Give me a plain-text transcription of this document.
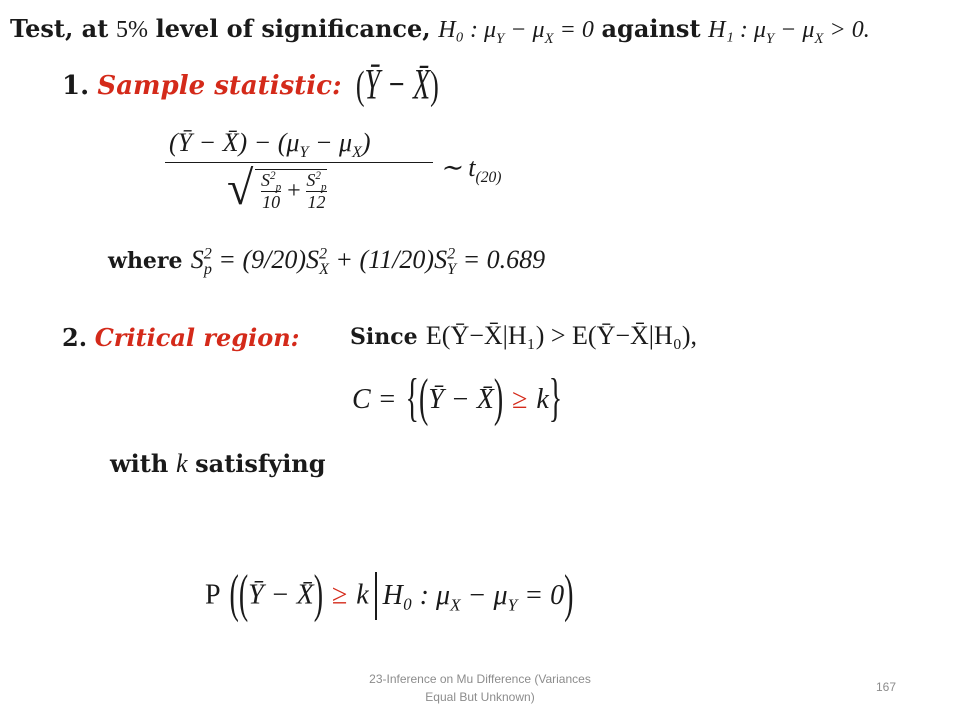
Test, at 5% level of significance, H₀ : $\mu_Y - \mu_X = 0$ against H₁ : $\mu_Y - \mu_X > 0$.
1. Sample statistic: (Ȳ − X̄)
(Ȳ − X̄) − $(\mu_Y - \mu_X)$
√ $\frac{S^2_p}{10} + \frac{S^2_p}{12}$
∼ $t_{(20)}$
where $S^2_p = (9/20)S^2_X + (11/20)S^2_Y = 0.689$
2. Critical region: Since E(Ȳ−X̄|H₁) > E(Ȳ−X̄|H₀),
C = {(Ȳ − X̄) ≥ k}
with k satisfying
P ((Ȳ − X̄) ≥ k H₀ : $\mu_X - \mu_Y = 0$)
23-Inference on Mu Difference (Variances
Equal But Unknown)
167
